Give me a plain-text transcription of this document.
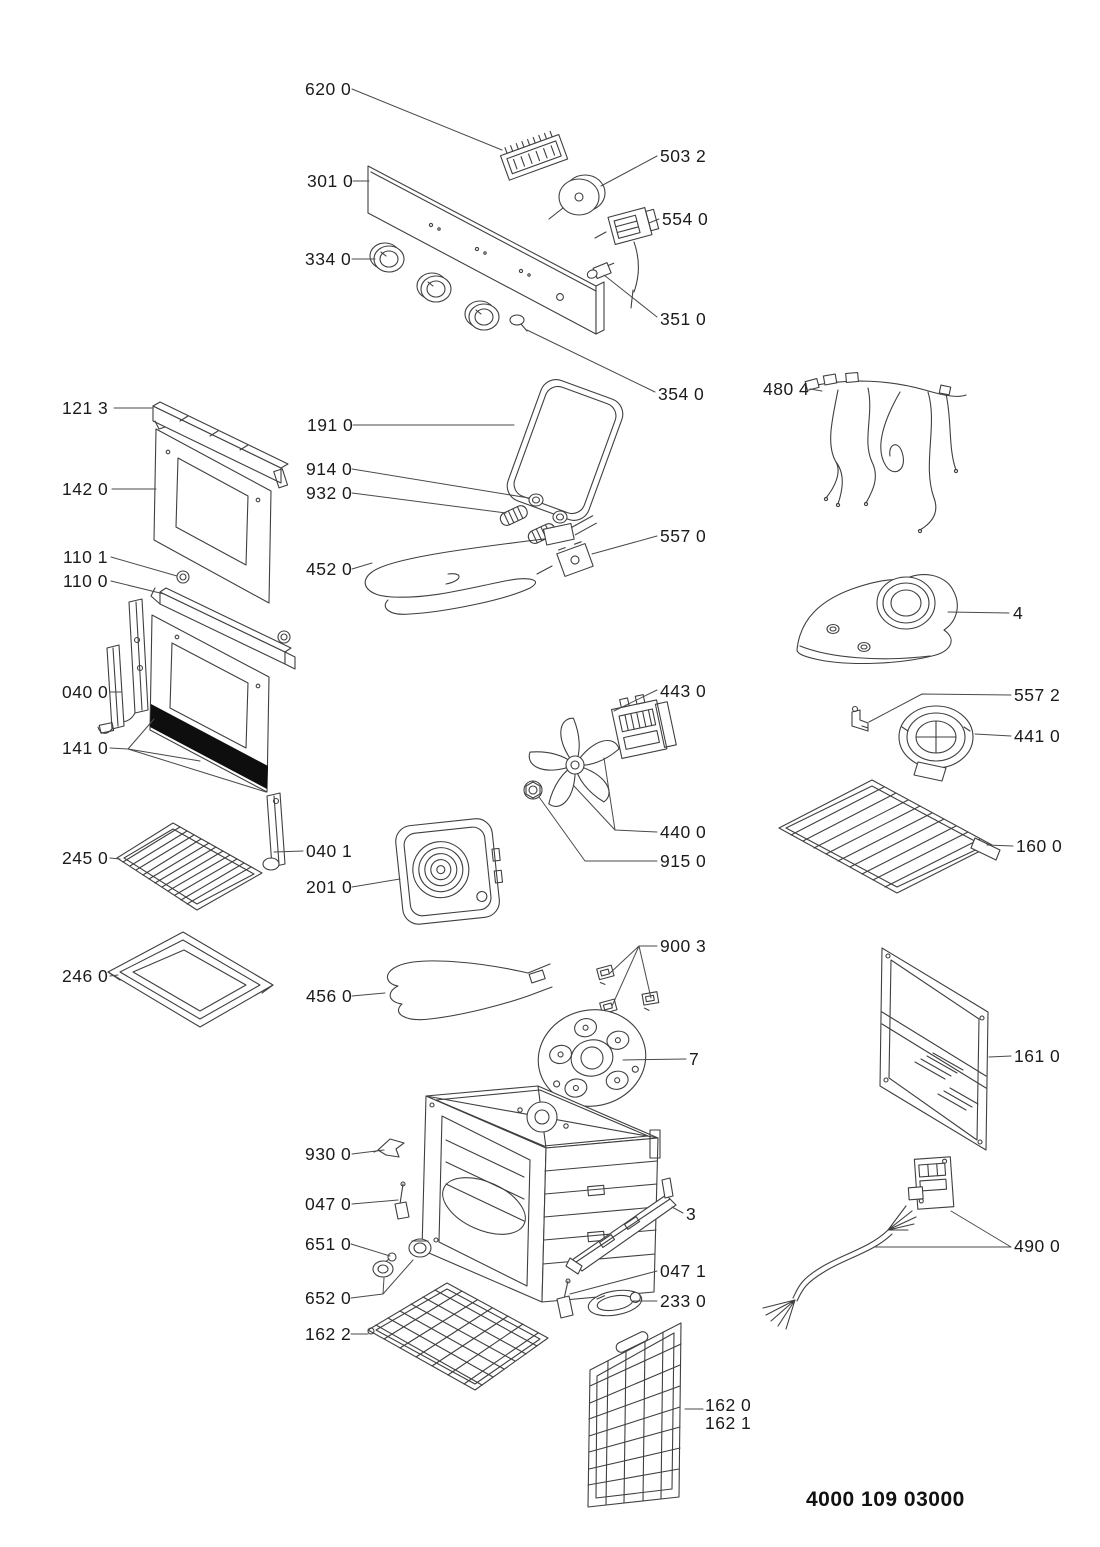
620 0
503 2
301 0
554 0
334 0
351 0
354 0	480 4
121 3
191 0
914 0
142 0	932 0
557 0
110 1
452 0
110 0
4
040 0	443 0	557 2
441 0
141 0
440 0
160 0
040 1
245 0	915 0
201 0
900 3
246 0
456 0
161 0
7
930 0
047 0	3
651 0	490 0
047 1
652 0	233 0
162 2
162 0
162 1
4000 109 03000
